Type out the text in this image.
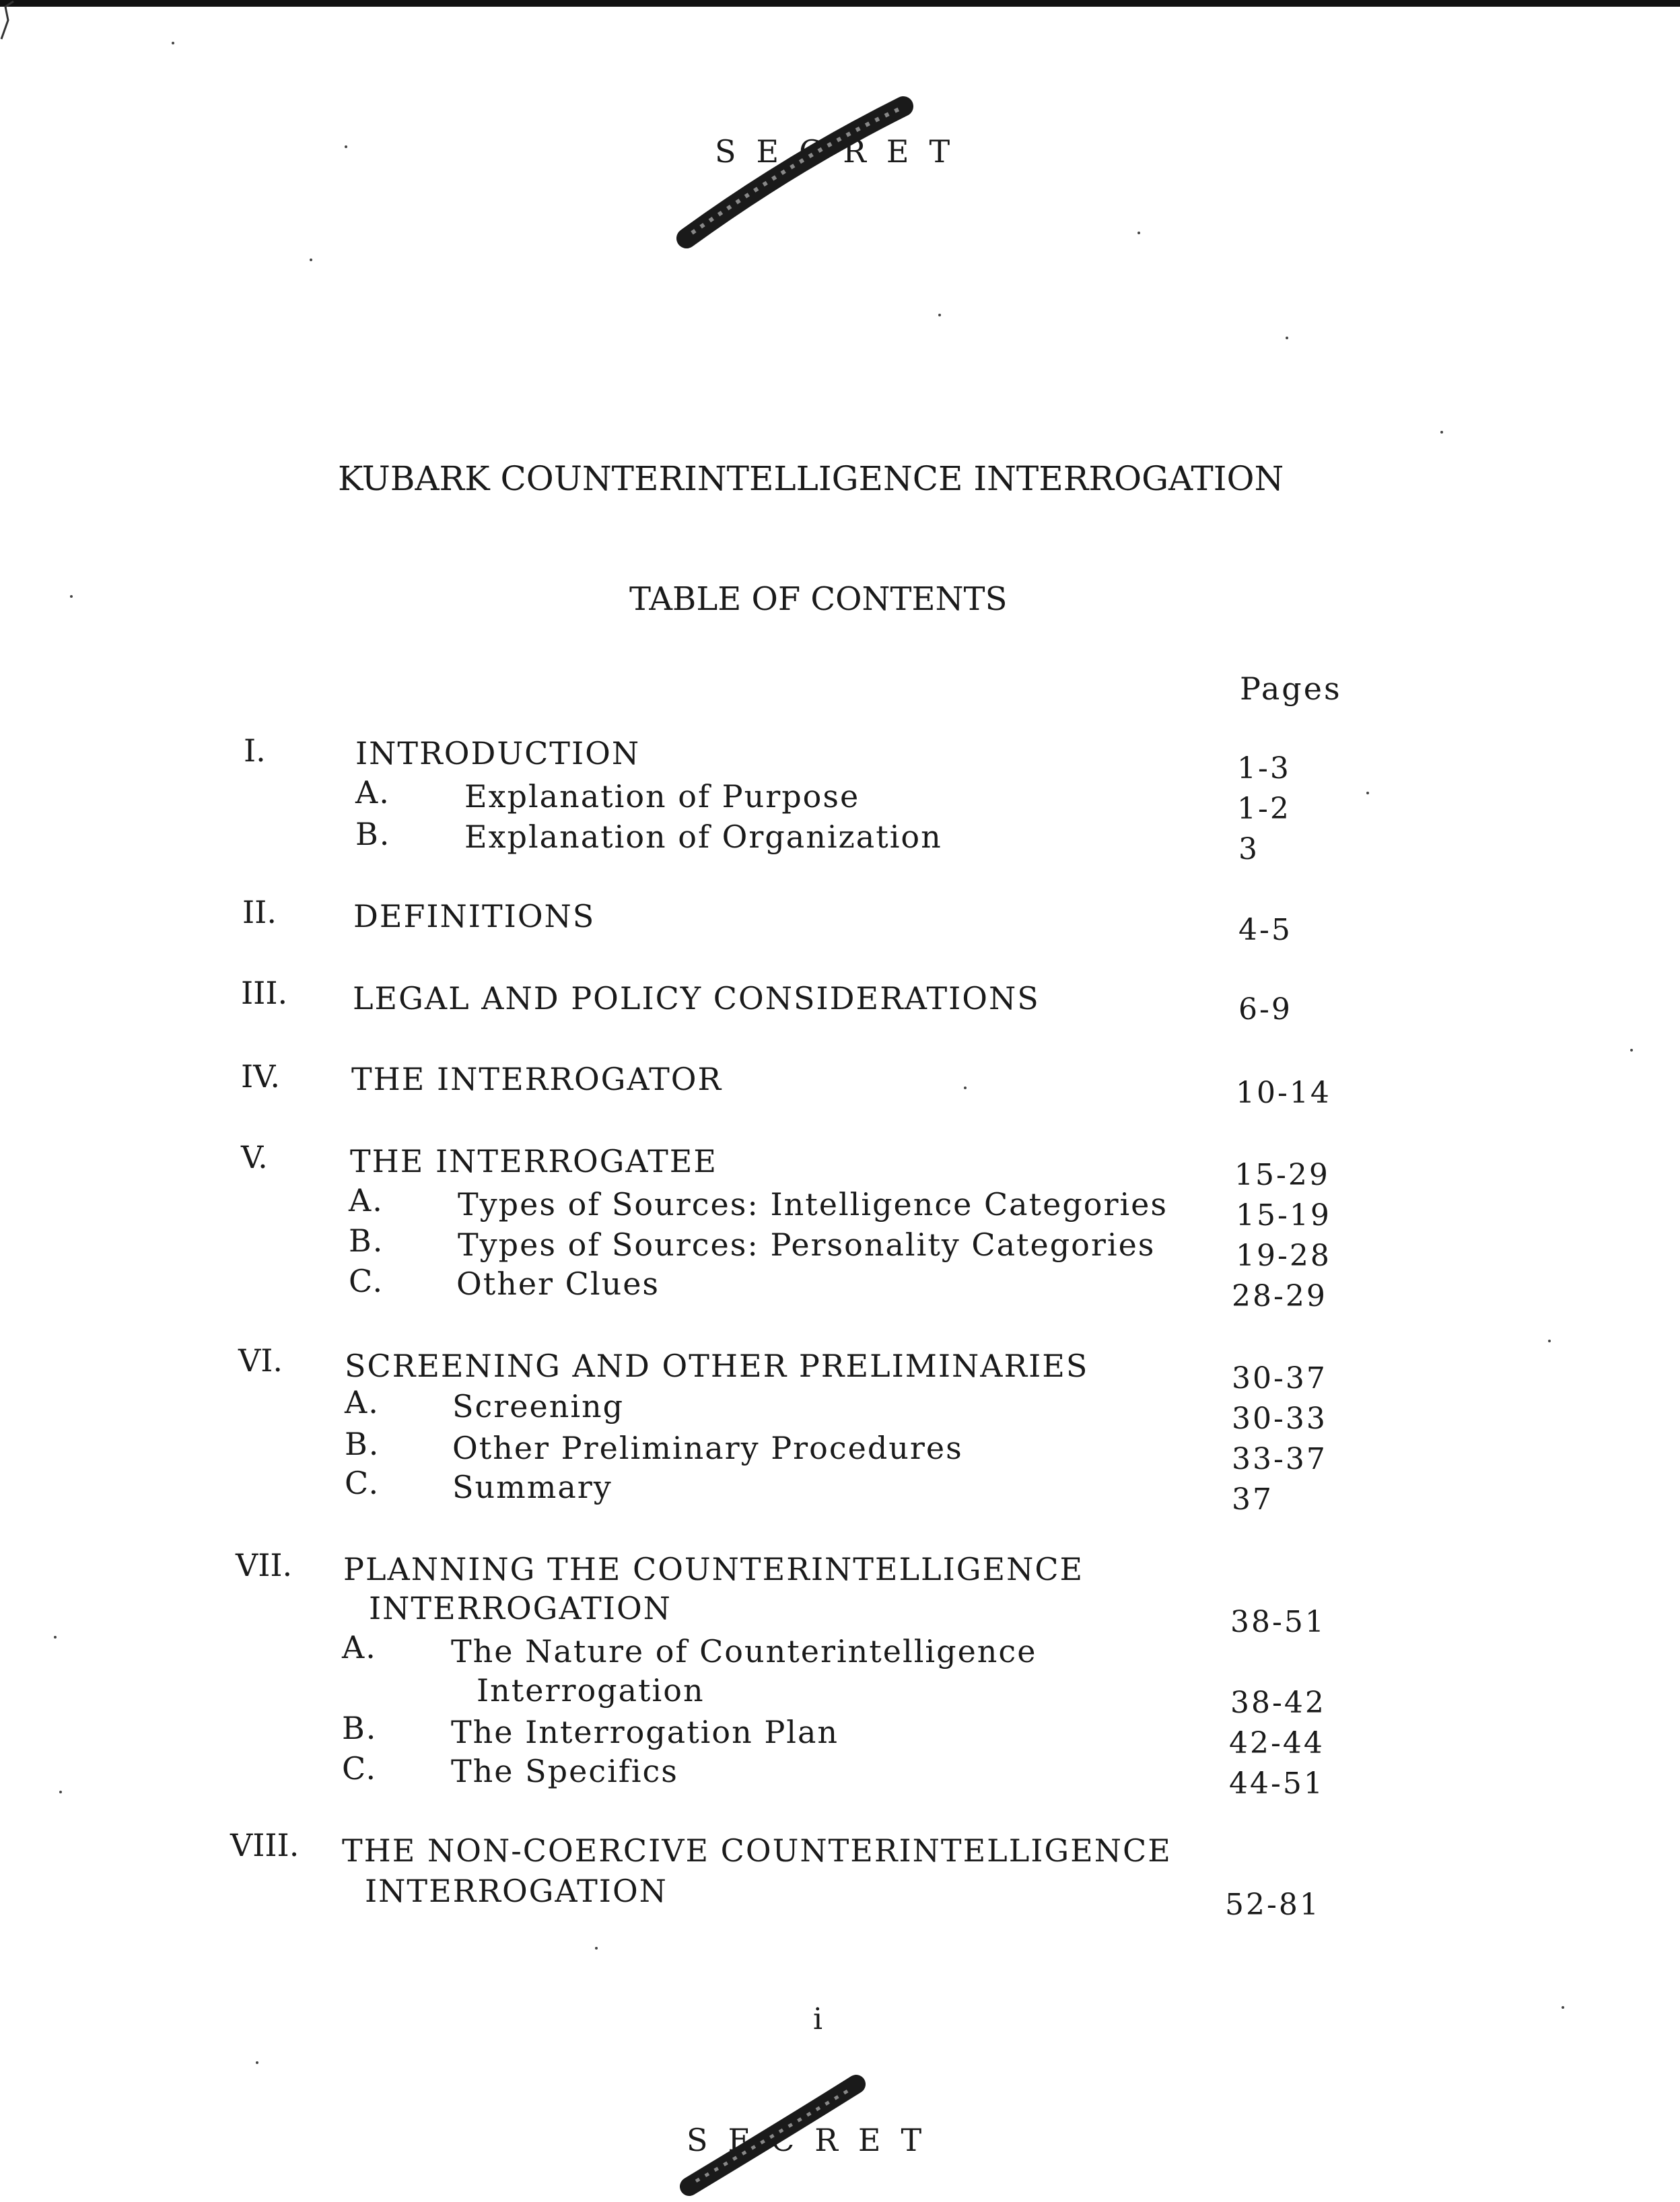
SECRET
KUBARK COUNTERINTELLIGENCE INTERROGATION
TABLE OF CONTENTS
Pages
I.	INTRODUCTION	1-3
A. Explanation of Purpose	1-2
B. Explanation of Organization	3
II. DEFINITIONS	4-5
III. LEGAL AND POLICY CONSIDERATIONS	6-9
IV. THE INTERROGATOR	10-14
V.	THE INTERROGATEE	15-29
A. Types of Sources: Intelligence Categories 15-19
B. Types of Sources: Personality Categories	19-28
C. Other Clues	28-29
VI. SCREENING AND OTHER PRELIMINARIES	30-37
A. Screening	30-33
B. Other Preliminary Procedures	33-37
C. Summary	37
VII. PLANNING THE COUNTERINTELLIGENCE
INTERROGATION	38-51
A. The Nature of Counterintelligence
Interrogation	38-42
B. The Interrogation Plan	42-44
C. The Specifics	44-51
VIII. THE NON-COERCIVE COUNTERINTELLIGENCE
INTERROGATION	52-81
i
SECRET
